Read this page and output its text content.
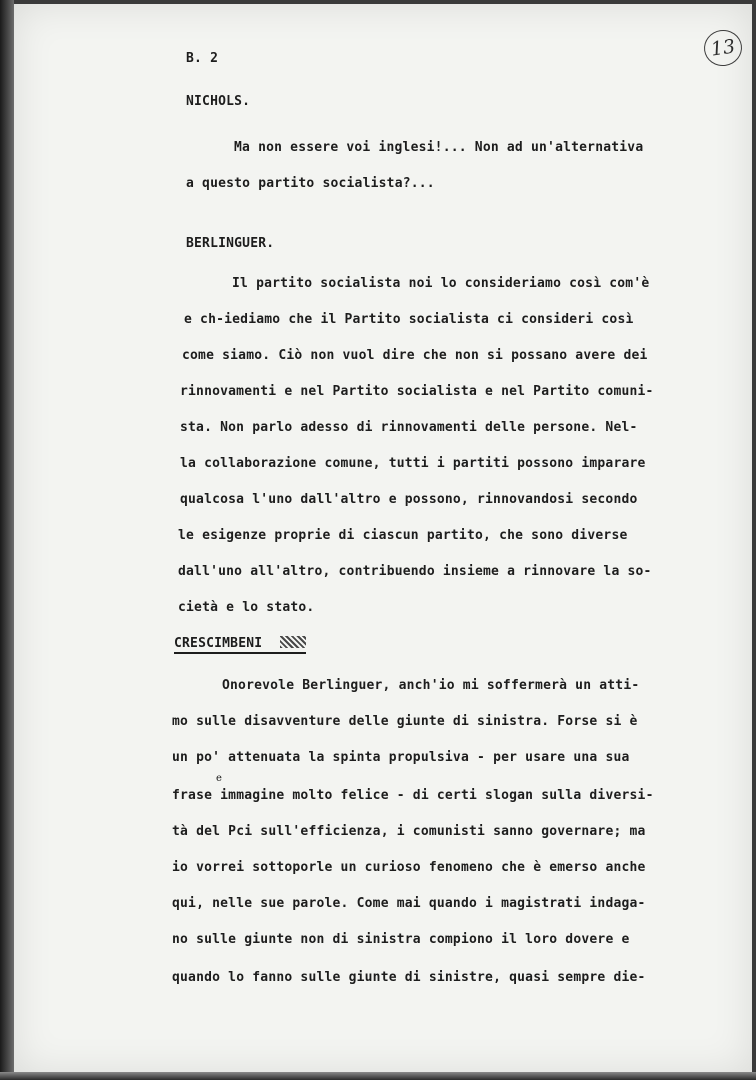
13

B. 2

NICHOLS.

Ma non essere voi inglesi!... Non ad un'alternativa

a questo partito socialista?...

BERLINGUER.

Il partito socialista noi lo consideriamo così com'è

e ch-iediamo che il Partito socialista ci consideri così

come siamo. Ciò non vuol dire che non si possano avere dei

rinnovamenti e nel Partito socialista e nel Partito comuni-

sta. Non parlo adesso di rinnovamenti delle persone. Nel-

la collaborazione comune, tutti i partiti possono imparare

qualcosa l'uno dall'altro e possono, rinnovandosi secondo

le esigenze proprie di ciascun partito, che sono diverse

dall'uno all'altro, contribuendo insieme a rinnovare la so-

cietà e lo stato.

CRESCIMBENI

Onorevole Berlinguer, anch'io mi soffermerà un atti-

mo sulle disavventure delle giunte di sinistra. Forse si è

un po' attenuata la spinta propulsiva - per usare una sua

frase immagine molto felice - di certi slogan sulla diversi-

e

tà del Pci sull'efficienza, i comunisti sanno governare; ma

io vorrei sottoporle un curioso fenomeno che è emerso anche

qui, nelle sue parole. Come mai quando i magistrati indaga-

no sulle giunte non di sinistra compiono il loro dovere e

quando lo fanno sulle giunte di sinistre, quasi sempre die-
